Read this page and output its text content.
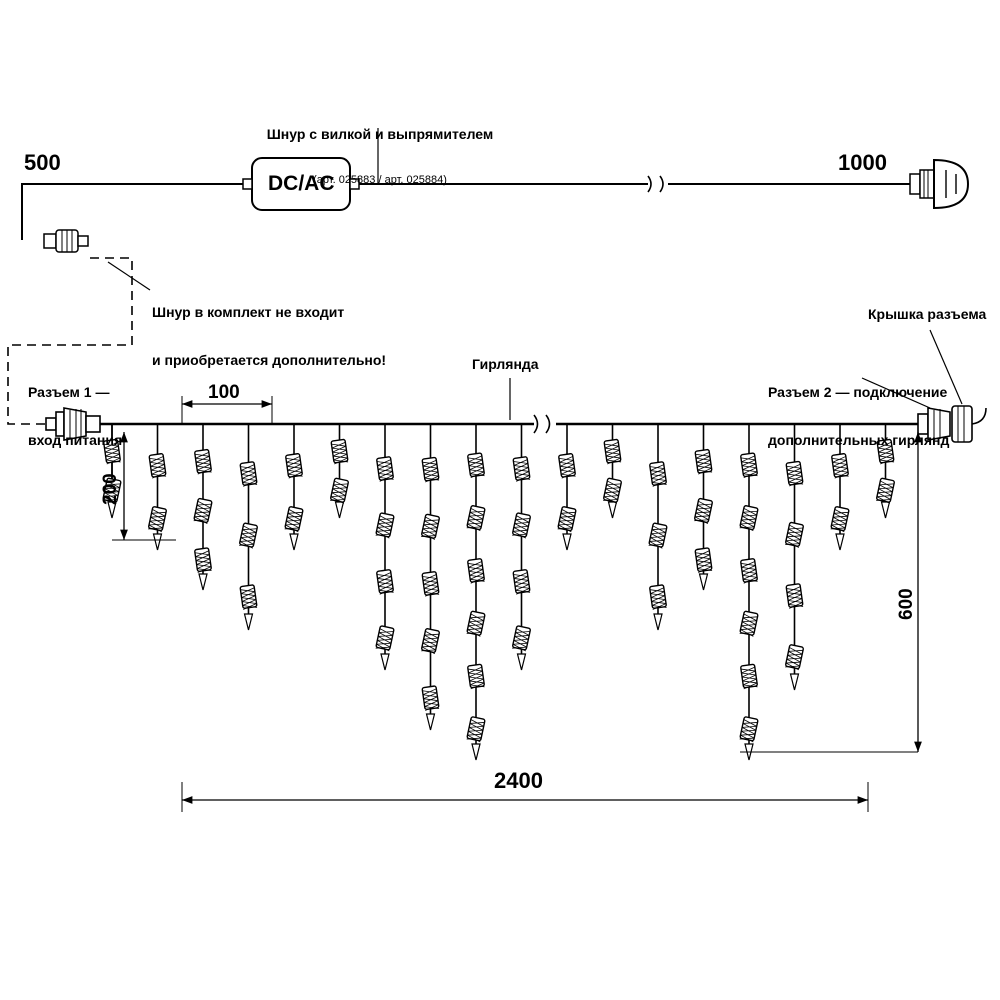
Шнур с вилкой и выпрямителем

(арт. 025883 / арт. 025884)

DC/AC
500	1000

Шнур в комплект не входит

и приобретается дополнительно!

Разъем 1 —

вход питания

Гирлянда

Разъем 2 — подключение

дополнительных гирлянд

Крышка разъема
100
200
600
2400
